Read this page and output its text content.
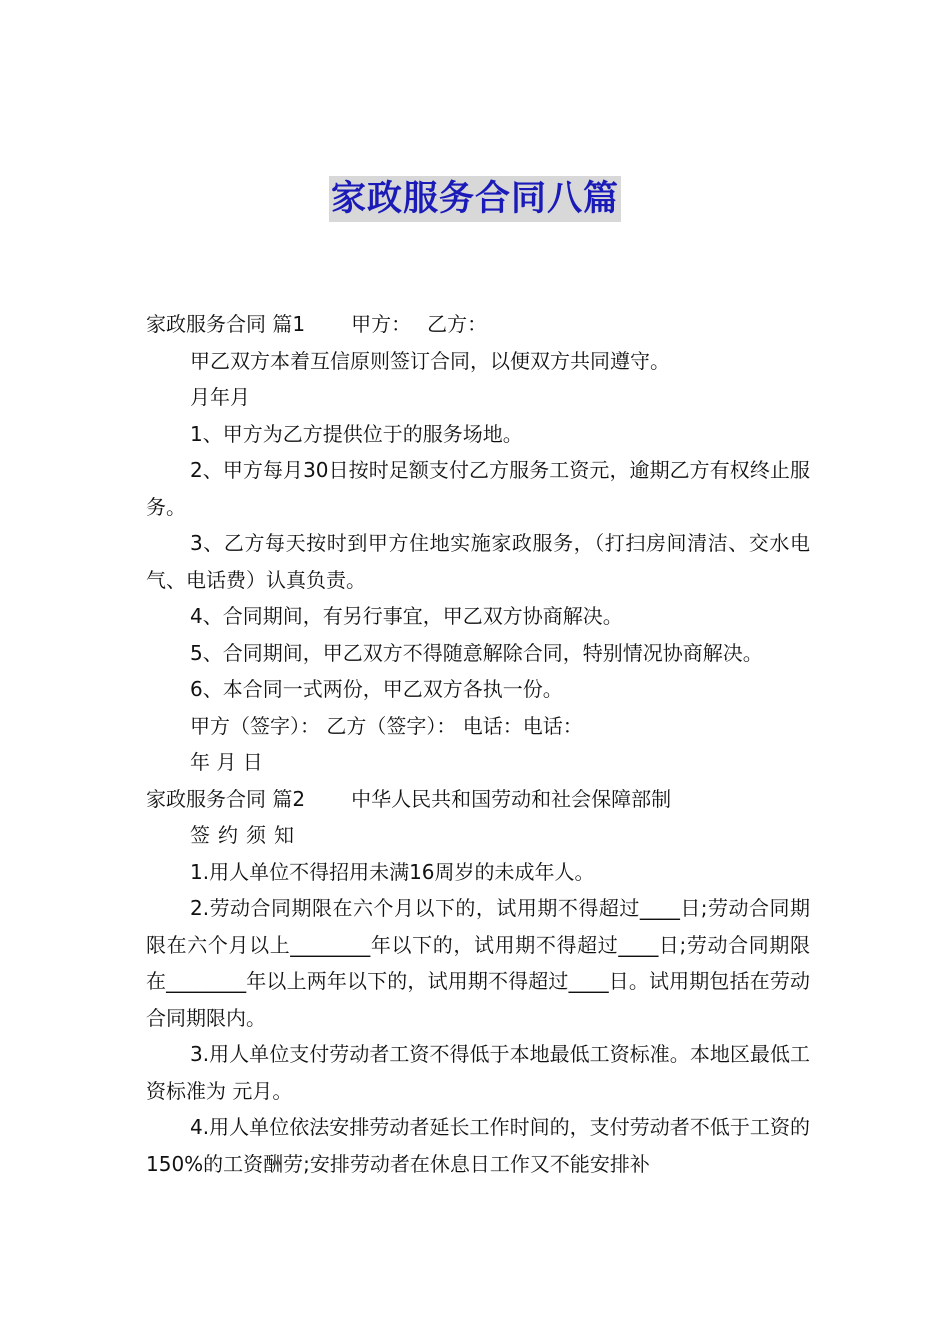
家政服务合同八篇

家政服务合同 篇1 甲方： 乙方：

甲乙双方本着互信原则签订合同，以便双方共同遵守。

月年月

1、甲方为乙方提供位于的服务场地。

2、甲方每月30日按时足额支付乙方服务工资元，逾期乙方有权终止服务。

3、乙方每天按时到甲方住地实施家政服务，（打扫房间清洁、交水电气、电话费）认真负责。

4、合同期间，有另行事宜，甲乙双方协商解决。

5、合同期间，甲乙双方不得随意解除合同，特别情况协商解决。

6、本合同一式两份，甲乙双方各执一份。

甲方（签字）： 乙方（签字）： 电话：电话：

年 月 日

家政服务合同 篇2 中华人民共和国劳动和社会保障部制

签约须知

1.用人单位不得招用未满16周岁的未成年人。

2.劳动合同期限在六个月以下的，试用期不得超过____日;劳动合同期限在六个月以上________年以下的，试用期不得超过____日;劳动合同期限在________年以上两年以下的，试用期不得超过____日。试用期包括在劳动合同期限内。

3.用人单位支付劳动者工资不得低于本地最低工资标准。本地区最低工资标准为 元月。

4.用人单位依法安排劳动者延长工作时间的，支付劳动者不低于工资的150%的工资酬劳;安排劳动者在休息日工作又不能安排补
